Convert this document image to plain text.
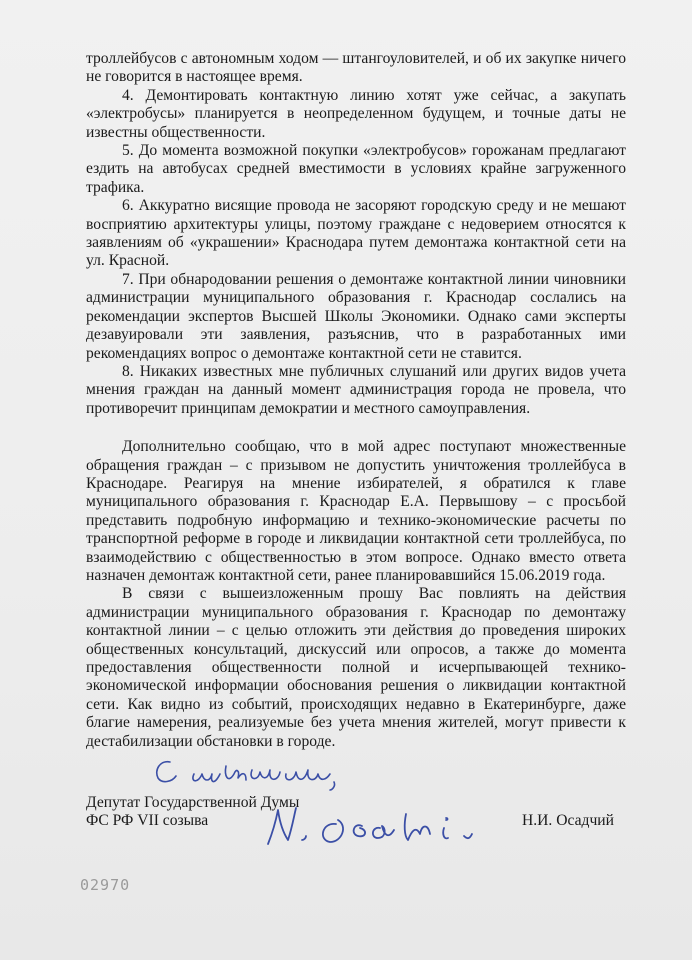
троллейбусов с автономным ходом — штангоуловителей, и об их закупке ничего не говорится в настоящее время.

4. Демонтировать контактную линию хотят уже сейчас, а закупать «электробусы» планируется в неопределенном будущем, и точные даты не известны общественности.

5. До момента возможной покупки «электробусов» горожанам предлагают ездить на автобусах средней вместимости в условиях крайне загруженного трафика.

6. Аккуратно висящие провода не засоряют городскую среду и не мешают восприятию архитектуры улицы, поэтому граждане с недоверием относятся к заявлениям об «украшении» Краснодара путем демонтажа контактной сети на ул. Красной.

7. При обнародовании решения о демонтаже контактной линии чиновники администрации муниципального образования г. Краснодар сослались на рекомендации экспертов Высшей Школы Экономики. Однако сами эксперты дезавуировали эти заявления, разъяснив, что в разработанных ими рекомендациях вопрос о демонтаже контактной сети не ставится.

8. Никаких известных мне публичных слушаний или других видов учета мнения граждан на данный момент администрация города не провела, что противоречит принципам демократии и местного самоуправления.

Дополнительно сообщаю, что в мой адрес поступают множественные обращения граждан – с призывом не допустить уничтожения троллейбуса в Краснодаре. Реагируя на мнение избирателей, я обратился к главе муниципального образования г. Краснодар Е.А. Первышову – с просьбой представить подробную информацию и технико-экономические расчеты по транспортной реформе в городе и ликвидации контактной сети троллейбуса, по взаимодействию с общественностью в этом вопросе. Однако вместо ответа назначен демонтаж контактной сети, ранее планировавшийся 15.06.2019 года.

В связи с вышеизложенным прошу Вас повлиять на действия администрации муниципального образования г. Краснодар по демонтажу контактной линии – с целью отложить эти действия до проведения широких общественных консультаций, дискуссий или опросов, а также до момента предоставления общественности полной и исчерпывающей технико-экономической информации обоснования решения о ликвидации контактной сети. Как видно из событий, происходящих недавно в Екатеринбурге, даже благие намерения, реализуемые без учета мнения жителей, могут привести к дестабилизации обстановки в городе.

Депутат Государственной Думы
ФС РФ VII созыва	Н.И. Осадчий
02970
